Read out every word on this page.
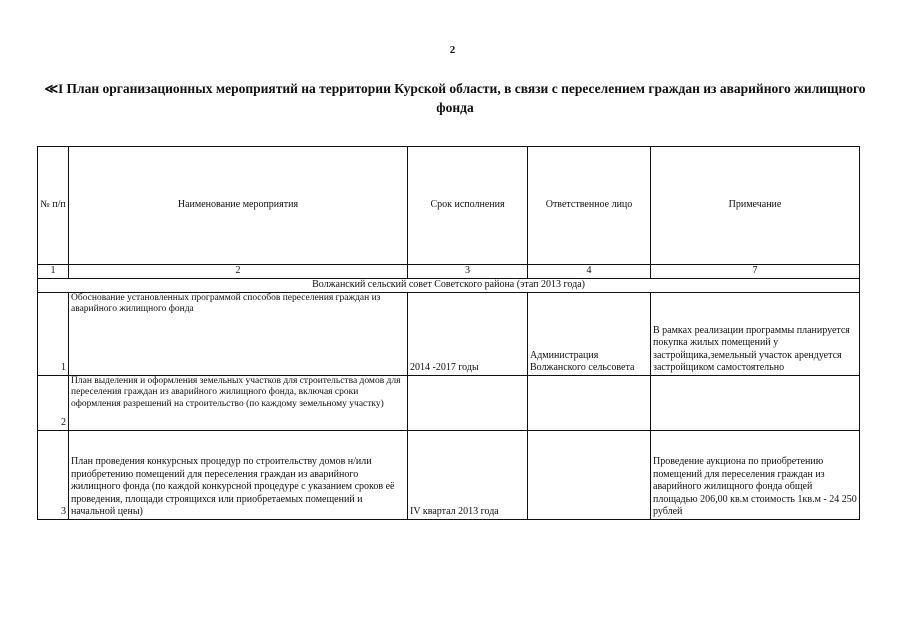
2
≪I План организационных мероприятий на территории Курской области, в связи с переселением граждан из аварийного жилищного фонда
№ п/п	Наименование мероприятия	Срок исполнения	Ответственное лицо	Примечание
1	2	3	4	7
Волжанский сельский совет Советского района (этап 2013 года)				
1	Обоснование установленных программой способов переселения граждан из аварийного жилищного фонда	2014 -2017 годы	Администрация Волжанского сельсовета	В рамках реализации программы планируется покупка жилых помещений у застройщика,земельный участок арендуется застройщиком самостоятельно
2	План выделения и оформления земельных участков для строительства домов для переселения граждан из аварийного жилищного фонда, включая сроки оформления разрешений на строительство (по каждому земельному участку)			
3	План проведения конкурсных процедур по строительству домов н/или приобретению помещений для переселения граждан из аварийного жилищного фонда (по каждой конкурсной процедуре с указанием сроков её проведения, площади строящихся или приобретаемых помещений и начальной цены)	IV квартал 2013 года		Проведение аукциона по приобретению помещений для переселения граждан из аварийного жилищного фонда общей площадью 206,00 кв.м стоимость 1кв.м - 24 250 рублей
